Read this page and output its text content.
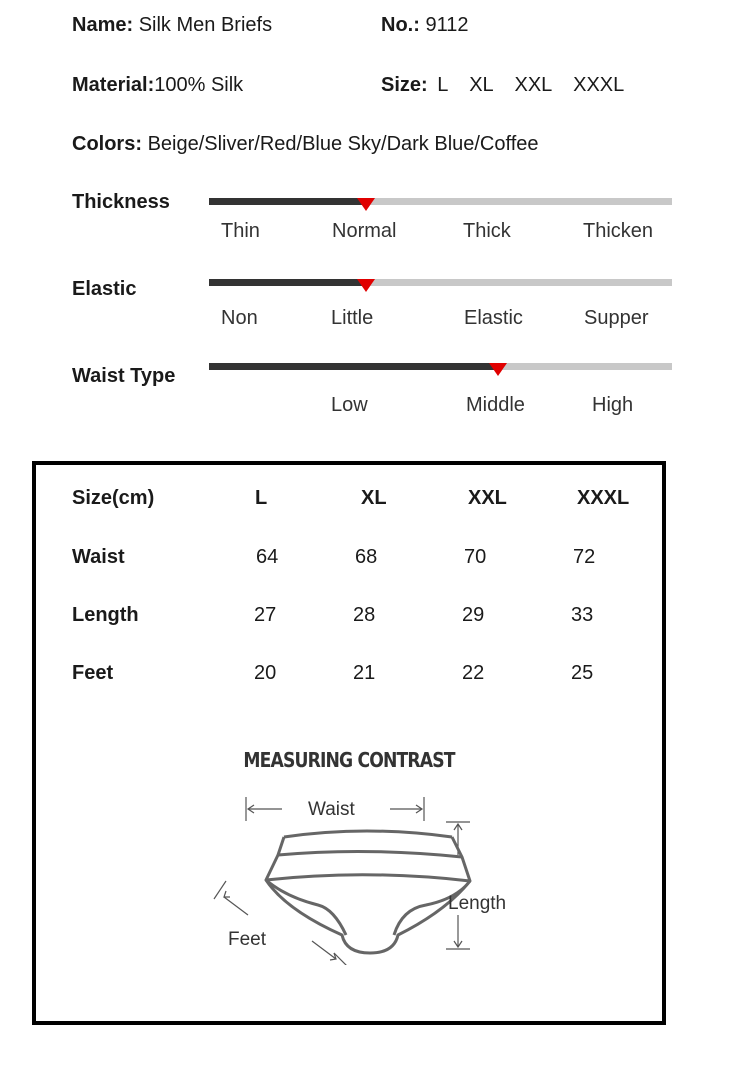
Name: Silk Men Briefs	No.: 9112
Material:100% Silk	Size: L XL XXL XXXL
Colors: Beige/Sliver/Red/Blue Sky/Dark Blue/Coffee
Thickness
Thin	Normal	Thick	Thicken
Elastic
Non	Little	Elastic	Supper
Waist Type
Low	Middle	High
Size(cm)	L	XL	XXL	XXXL
Waist	64	68	70	72
Length	27	28	29	33
Feet	20	21	22	25
MEASURING CONTRAST
Waist
Length
Feet
